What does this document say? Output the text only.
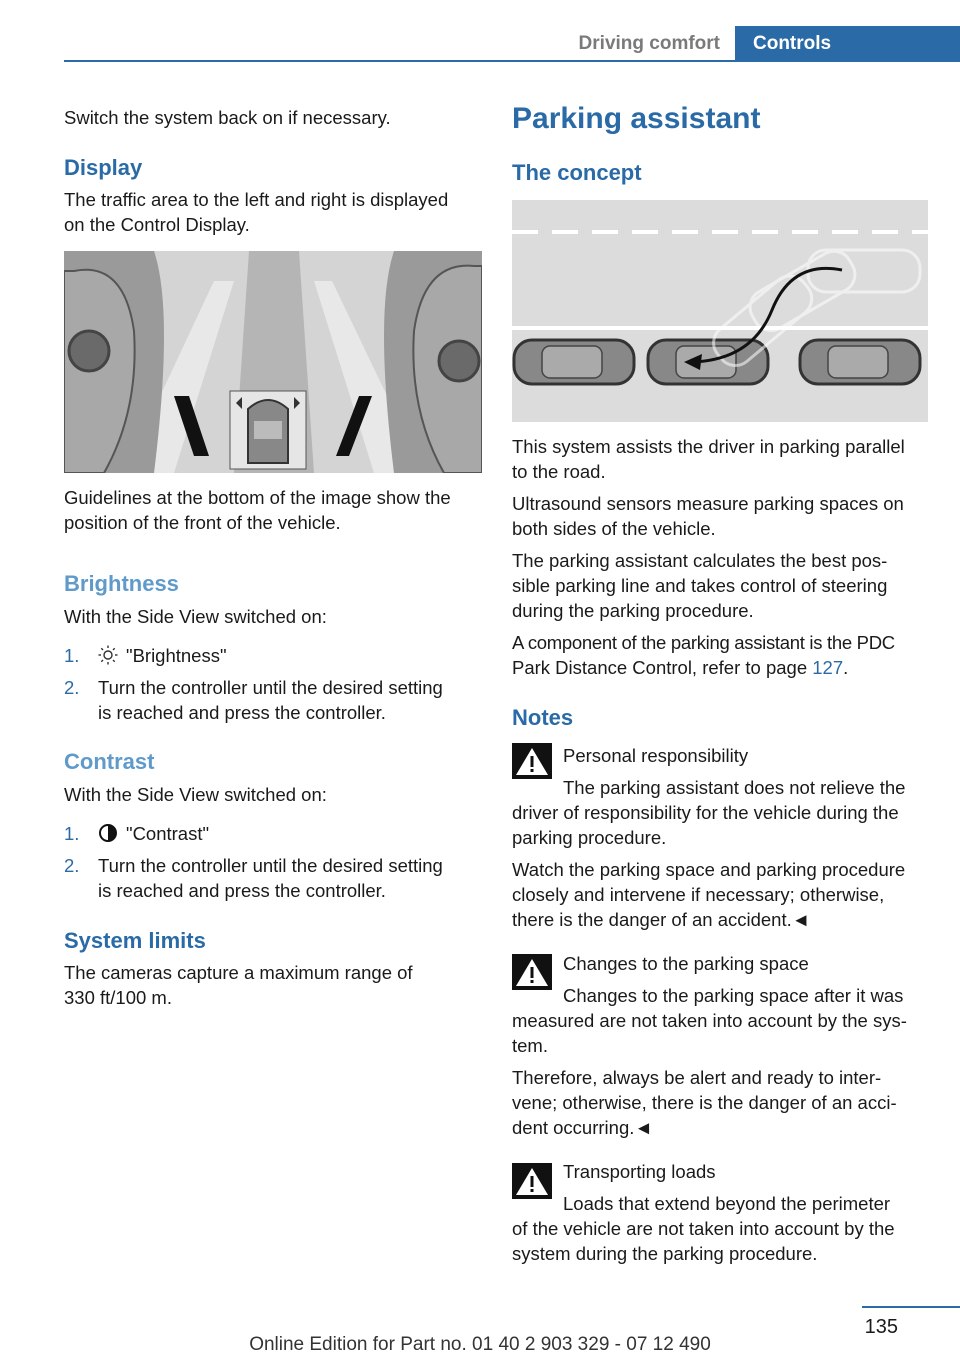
Driving comfort	Controls
Switch the system back on if necessary.
Display
The traffic area to the left and right is displayed
on the Control Display.
Guidelines at the bottom of the image show the
position of the front of the vehicle.
Brightness
With the Side View switched on:
1.	"Brightness"
2. Turn the controller until the desired setting
is reached and press the controller.
Contrast
With the Side View switched on:
1.	"Contrast"
2. Turn the controller until the desired setting
is reached and press the controller.
System limits
The cameras capture a maximum range of
330 ft/100 m.
Parking assistant
The concept
This system assists the driver in parking parallel
to the road.
Ultrasound sensors measure parking spaces on
both sides of the vehicle.
The parking assistant calculates the best pos-
sible parking line and takes control of steering
during the parking procedure.
A component of the parking assistant is the PDC
Park Distance Control, refer to page 127.
Notes
Personal responsibility
The parking assistant does not relieve the
driver of responsibility for the vehicle during the
parking procedure.
Watch the parking space and parking procedure
closely and intervene if necessary; otherwise,
there is the danger of an accident.◄
Changes to the parking space
Changes to the parking space after it was
measured are not taken into account by the sys-
tem.
Therefore, always be alert and ready to inter-
vene; otherwise, there is the danger of an acci-
dent occurring.◄
Transporting loads
Loads that extend beyond the perimeter
of the vehicle are not taken into account by the
system during the parking procedure.
135
Online Edition for Part no. 01 40 2 903 329 - 07 12 490
